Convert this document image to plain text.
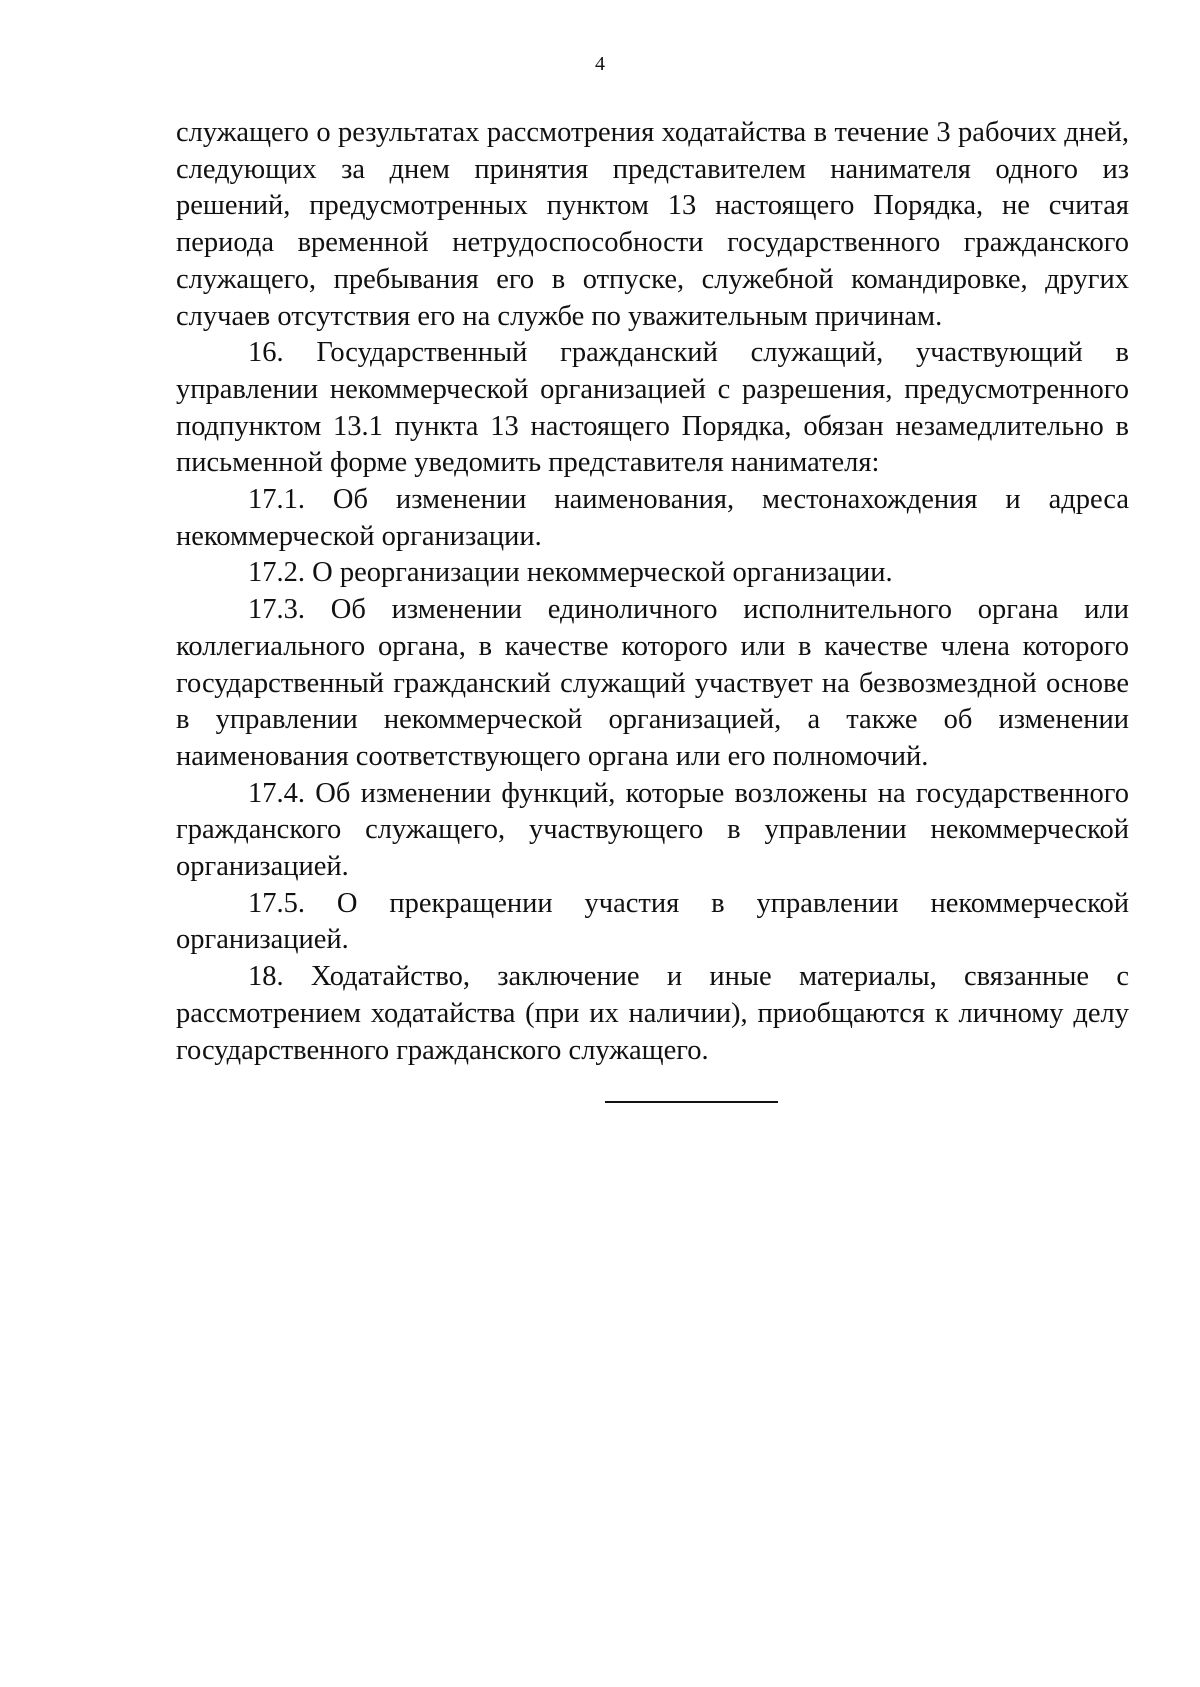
4

служащего о результатах рассмотрения ходатайства в течение 3 рабочих дней, следующих за днем принятия представителем нанимателя одного из решений, предусмотренных пунктом 13 настоящего Порядка, не считая периода временной нетрудоспособности государственного гражданского служащего, пребывания его в отпуске, служебной командировке, других случаев отсутствия его на службе по уважительным причинам.

16. Государственный гражданский служащий, участвующий в управлении некоммерческой организацией с разрешения, предусмотренного подпунктом 13.1 пункта 13 настоящего Порядка, обязан незамедлительно в письменной форме уведомить представителя нанимателя:

17.1. Об изменении наименования, местонахождения и адреса некоммерческой организации.

17.2. О реорганизации некоммерческой организации.

17.3. Об изменении единоличного исполнительного органа или коллегиального органа, в качестве которого или в качестве члена которого государственный гражданский служащий участвует на безвозмездной основе в управлении некоммерческой организацией, а также об изменении наименования соответствующего органа или его полномочий.

17.4. Об изменении функций, которые возложены на государственного гражданского служащего, участвующего в управлении некоммерческой организацией.

17.5. О прекращении участия в управлении некоммерческой организацией.

18. Ходатайство, заключение и иные материалы, связанные с рассмотрением ходатайства (при их наличии), приобщаются к личному делу государственного гражданского служащего.
